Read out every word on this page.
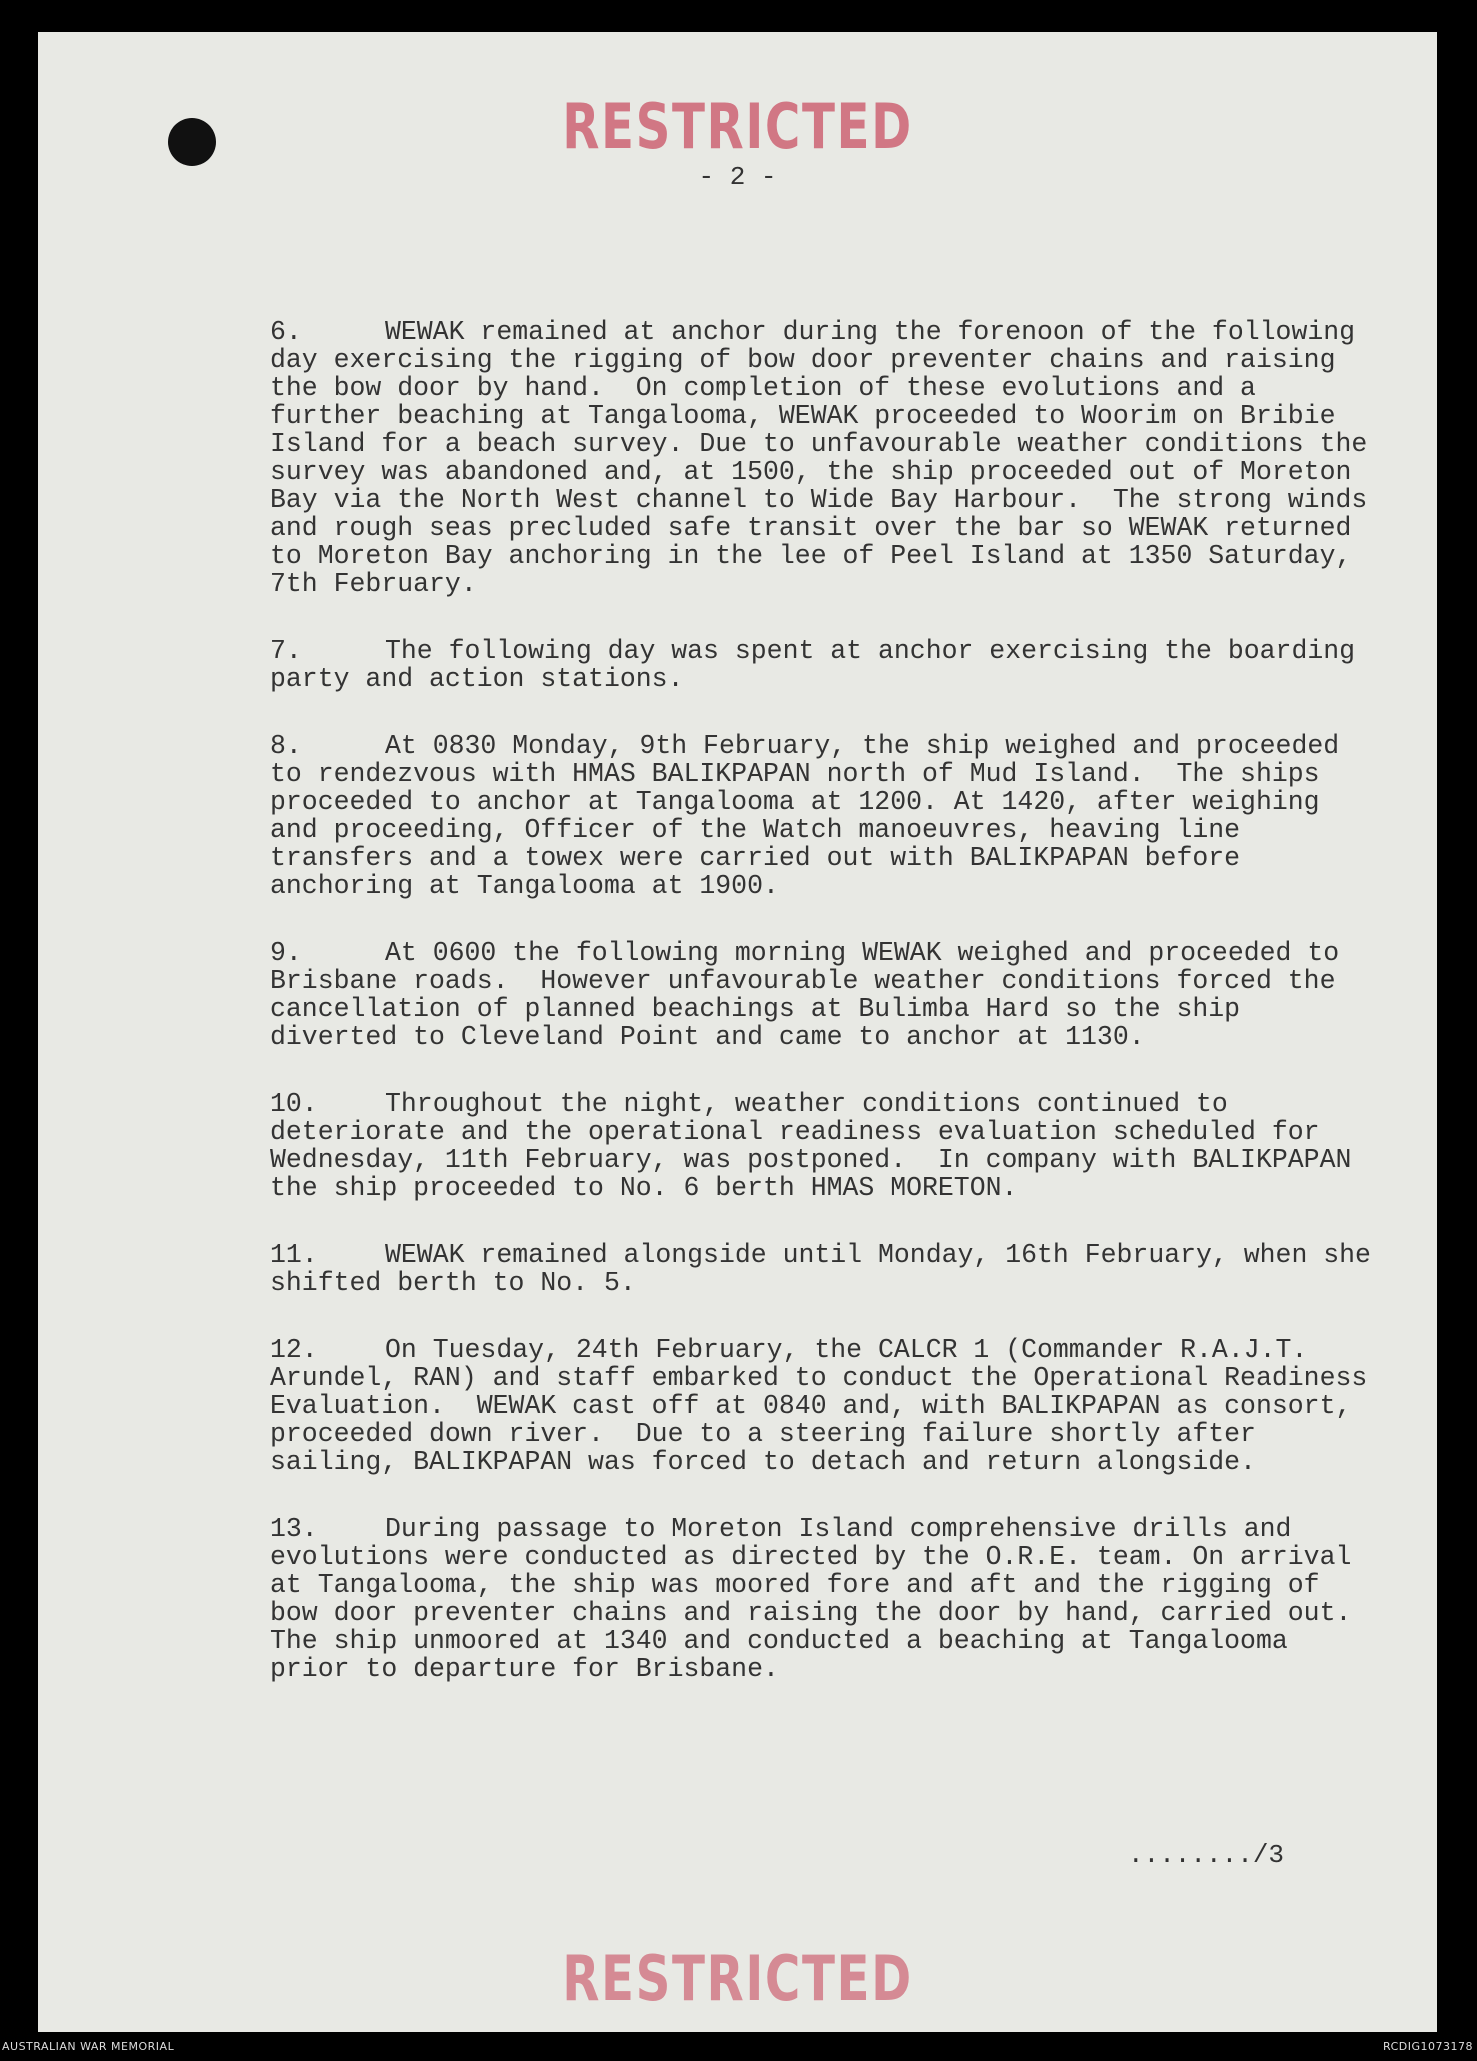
RESTRICTED
- 2 -

6.	WEWAK remained at anchor during the forenoon of the following day exercising the rigging of bow door preventer chains and raising the bow door by hand.  On completion of these evolutions and a further beaching at Tangalooma, WEWAK proceeded to Woorim on Bribie Island for a beach survey. Due to unfavourable weather conditions the survey was abandoned and, at 1500, the ship proceeded out of Moreton Bay via the North West channel to Wide Bay Harbour.  The strong winds and rough seas precluded safe transit over the bar so WEWAK returned to Moreton Bay anchoring in the lee of Peel Island at 1350 Saturday, 7th February.

7.	The following day was spent at anchor exercising the boarding party and action stations.

8.	At 0830 Monday, 9th February, the ship weighed and proceeded to rendezvous with HMAS BALIKPAPAN north of Mud Island.  The ships proceeded to anchor at Tangalooma at 1200. At 1420, after weighing and proceeding, Officer of the Watch manoeuvres, heaving line transfers and a towex were carried out with BALIKPAPAN before anchoring at Tangalooma at 1900.

9.	At 0600 the following morning WEWAK weighed and proceeded to Brisbane roads.  However unfavourable weather conditions forced the cancellation of planned beachings at Bulimba Hard so the ship diverted to Cleveland Point and came to anchor at 1130.

10.	Throughout the night, weather conditions continued to deteriorate and the operational readiness evaluation scheduled for Wednesday, 11th February, was postponed.  In company with BALIKPAPAN the ship proceeded to No. 6 berth HMAS MORETON.

11.	WEWAK remained alongside until Monday, 16th February, when she shifted berth to No. 5.

12.	On Tuesday, 24th February, the CALCR 1 (Commander R.A.J.T. Arundel, RAN) and staff embarked to conduct the Operational Readiness Evaluation.  WEWAK cast off at 0840 and, with BALIKPAPAN as consort, proceeded down river.  Due to a steering failure shortly after sailing, BALIKPAPAN was forced to detach and return alongside.

13.	During passage to Moreton Island comprehensive drills and evolutions were conducted as directed by the O.R.E. team. On arrival at Tangalooma, the ship was moored fore and aft and the rigging of bow door preventer chains and raising the door by hand, carried out.  The ship unmoored at 1340 and conducted a beaching at Tangalooma prior to departure for Brisbane.

......../3
RESTRICTED
AUSTRALIAN WAR MEMORIAL	RCDIG1073178
